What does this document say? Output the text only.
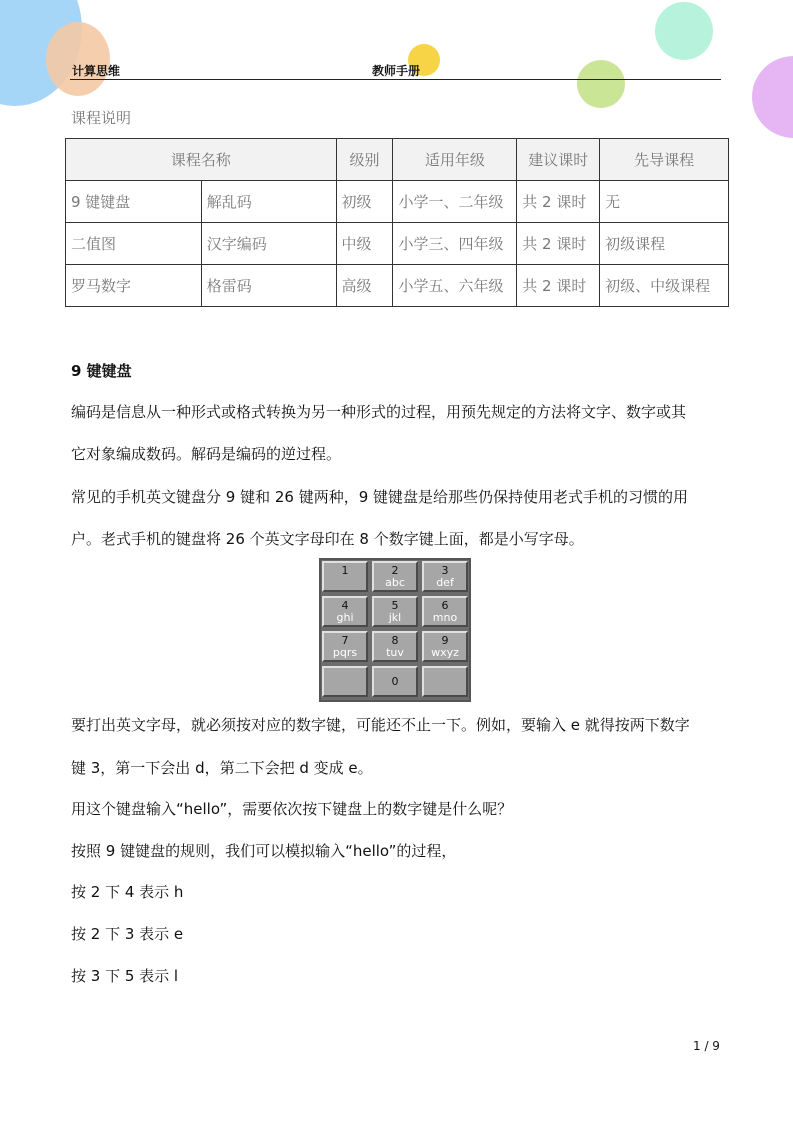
计算思维	教师手册
课程说明
课程名称		级别	适用年级	建议课时	先导课程
9 键键盘	解乱码	初级	小学一、二年级	共 2 课时	无
二值图	汉字编码	中级	小学三、四年级	共 2 课时	初级课程
罗马数字	格雷码	高级	小学五、六年级	共 2 课时	初级、中级课程
9 键键盘
编码是信息从一种形式或格式转换为另一种形式的过程，用预先规定的方法将文字、数字或其
它对象编成数码。解码是编码的逆过程。
常见的手机英文键盘分 9 键和 26 键两种，9 键键盘是给那些仍保持使用老式手机的习惯的用
户。老式手机的键盘将 26 个英文字母印在 8 个数字键上面，都是小写字母。
1	2
abc
3
def
4
ghi
5
jkl
6
mno
7
pqrs
8
tuv
9
wxyz
0
要打出英文字母，就必须按对应的数字键，可能还不止一下。例如，要输入 e 就得按两下数字
键 3，第一下会出 d，第二下会把 d 变成 e。
用这个键盘输入“hello”，需要依次按下键盘上的数字键是什么呢？
按照 9 键键盘的规则，我们可以模拟输入“hello”的过程，
按 2 下 4 表示 h
按 2 下 3 表示 e
按 3 下 5 表示 l
1 / 9
